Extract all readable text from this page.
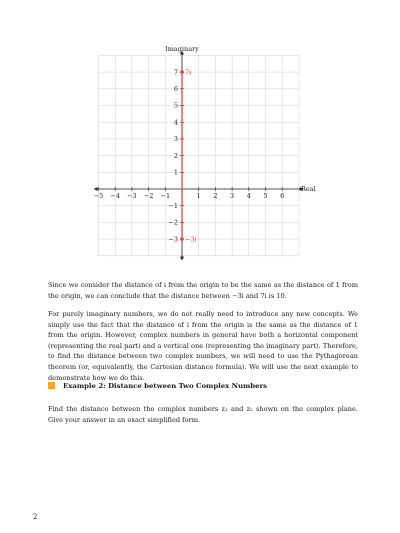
−5 −4 −3 −2 −1	1 2 3 4 5 6
7
6
5
4
3
2
1
−1
−2
−3
7i
−3i
Imaginary
Real

Since we consider the distance of i from the origin to be the same as the distance of 1 from the origin, we can conclude that the distance between −3i and 7i is 10.

For purely imaginary numbers, we do not really need to introduce any new concepts. We simply use the fact that the distance of i from the origin is the same as the distance of 1 from the origin. However, complex numbers in general have both a horizontal component (representing the real part) and a vertical one (representing the imaginary part). Therefore, to find the distance between two complex numbers, we will need to use the Pythagorean theorem (or, equivalently, the Cartesian distance formula). We will use the next example to demonstrate how we do this.

Example 2: Distance between Two Complex Numbers

Find the distance between the complex numbers z₁ and z₂ shown on the complex plane. Give your answer in an exact simplified form.

2
